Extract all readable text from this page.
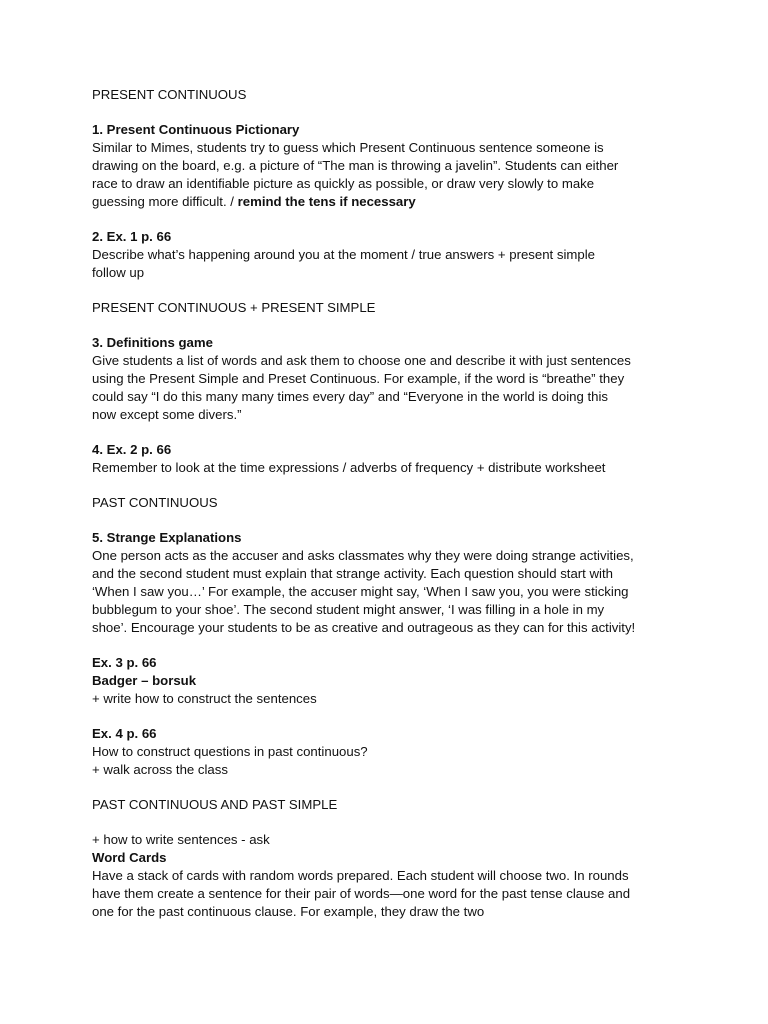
PRESENT CONTINUOUS
1. Present Continuous Pictionary
Similar to Mimes, students try to guess which Present Continuous sentence someone is
drawing on the board, e.g. a picture of “The man is throwing a javelin”. Students can either
race to draw an identifiable picture as quickly as possible, or draw very slowly to make
guessing more difficult. / remind the tens if necessary
2. Ex. 1 p. 66
Describe what’s happening around you at the moment / true answers + present simple
follow up
PRESENT CONTINUOUS + PRESENT SIMPLE
3. Definitions game
Give students a list of words and ask them to choose one and describe it with just sentences
using the Present Simple and Preset Continuous. For example, if the word is “breathe” they
could say “I do this many many times every day” and “Everyone in the world is doing this
now except some divers.”
4. Ex. 2 p. 66
Remember to look at the time expressions / adverbs of frequency + distribute worksheet
PAST CONTINUOUS
5. Strange Explanations
One person acts as the accuser and asks classmates why they were doing strange activities,
and the second student must explain that strange activity. Each question should start with
‘When I saw you…’ For example, the accuser might say, ‘When I saw you, you were sticking
bubblegum to your shoe’. The second student might answer, ‘I was filling in a hole in my
shoe’. Encourage your students to be as creative and outrageous as they can for this activity!
Ex. 3 p. 66
Badger – borsuk
+ write how to construct the sentences
Ex. 4 p. 66
How to construct questions in past continuous?
+ walk across the class
PAST CONTINUOUS AND PAST SIMPLE
+ how to write sentences - ask
Word Cards
Have a stack of cards with random words prepared. Each student will choose two. In rounds
have them create a sentence for their pair of words—one word for the past tense clause and
one for the past continuous clause. For example, they draw the two
